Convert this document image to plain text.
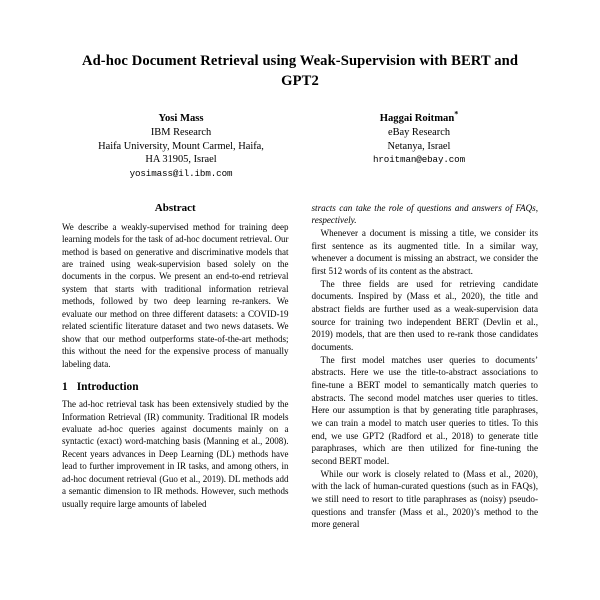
Ad-hoc Document Retrieval using Weak-Supervision with BERT and GPT2
Yosi Mass
IBM Research
Haifa University, Mount Carmel, Haifa,
HA 31905, Israel
yosimass@il.ibm.com
Haggai Roitman*
eBay Research
Netanya, Israel
hroitman@ebay.com
Abstract

We describe a weakly-supervised method for training deep learning models for the task of ad-hoc document retrieval. Our method is based on generative and discriminative models that are trained using weak-supervision based solely on the documents in the corpus. We present an end-to-end retrieval system that starts with traditional information retrieval methods, followed by two deep learning re-rankers. We evaluate our method on three different datasets: a COVID-19 related scientific literature dataset and two news datasets. We show that our method outperforms state-of-the-art methods; this without the need for the expensive process of manually labeling data.

1 Introduction

The ad-hoc retrieval task has been extensively studied by the Information Retrieval (IR) community. Traditional IR models evaluate ad-hoc queries against documents mainly on a syntactic (exact) word-matching basis (Manning et al., 2008). Recent years advances in Deep Learning (DL) methods have lead to further improvement in IR tasks, and among others, in ad-hoc document retrieval (Guo et al., 2019). DL methods add a semantic dimension to IR methods. However, such methods usually require large amounts of labeled

stracts can take the role of questions and answers of FAQs, respectively.

Whenever a document is missing a title, we consider its first sentence as its augmented title. In a similar way, whenever a document is missing an abstract, we consider the first 512 words of its content as the abstract.

The three fields are used for retrieving candidate documents. Inspired by (Mass et al., 2020), the title and abstract fields are further used as a weak-supervision data source for training two independent BERT (Devlin et al., 2019) models, that are then used to re-rank those candidates documents.

The first model matches user queries to documents’ abstracts. Here we use the title-to-abstract associations to fine-tune a BERT model to semantically match queries to abstracts. The second model matches user queries to titles. Here our assumption is that by generating title paraphrases, we can train a model to match user queries to titles. To this end, we use GPT2 (Radford et al., 2018) to generate title paraphrases, which are then utilized for fine-tuning the second BERT model.

While our work is closely related to (Mass et al., 2020), with the lack of human-curated questions (such as in FAQs), we still need to resort to title paraphrases as (noisy) pseudo-questions and transfer (Mass et al., 2020)’s method to the more general
